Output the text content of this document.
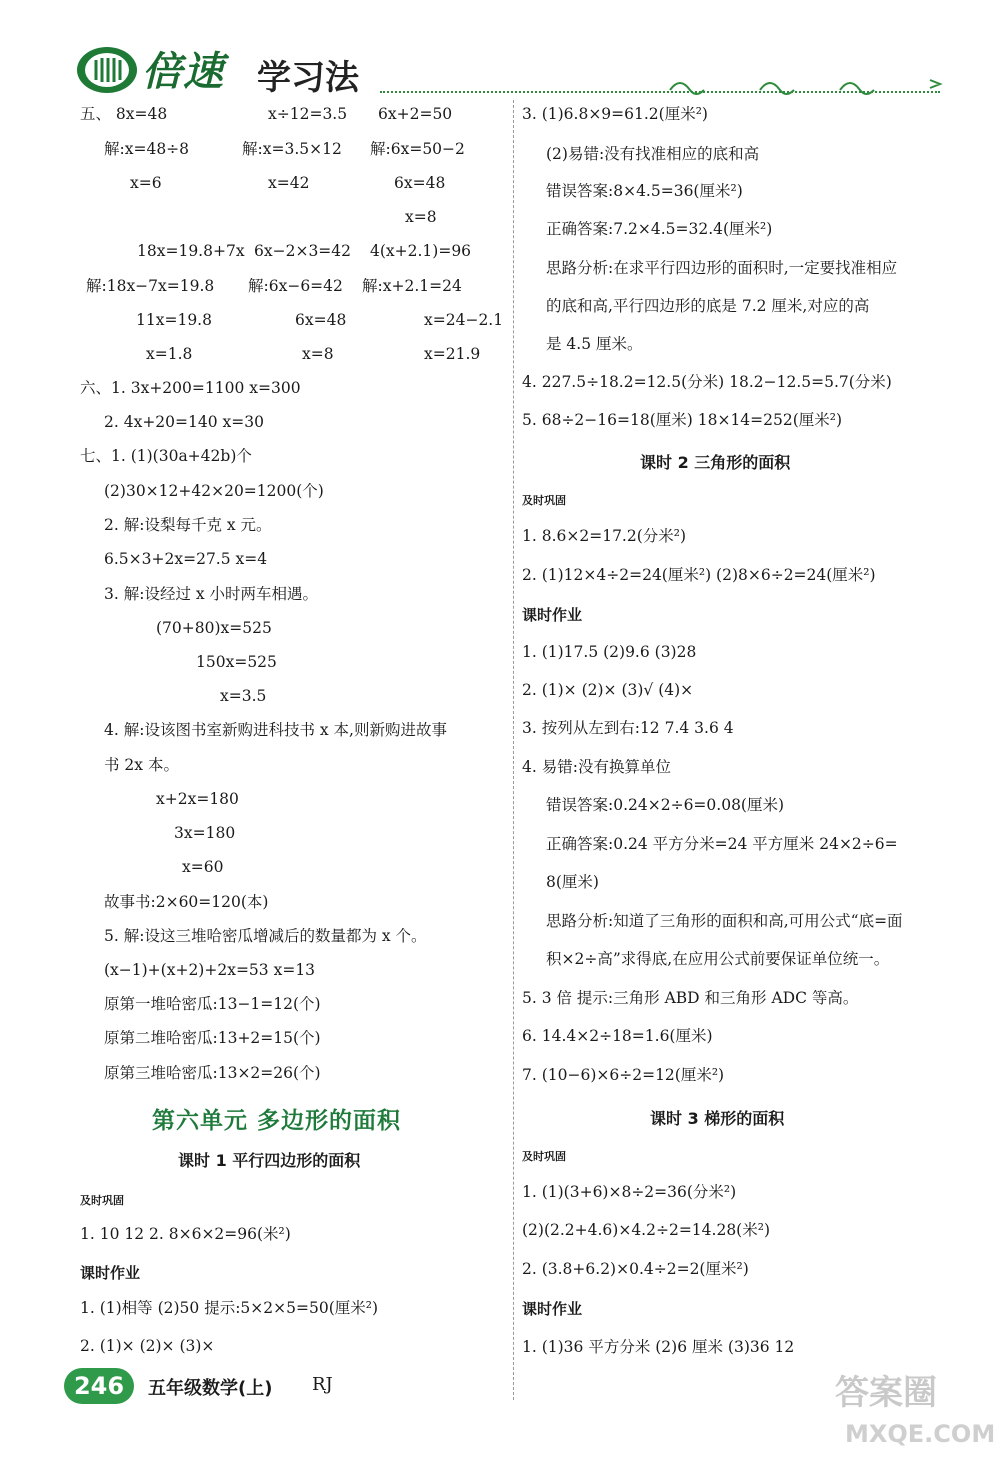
倍速 学习法
五、 8x=48	x÷12=3.5 6x+2=50
解:x=48÷8	解:x=3.5×12 解:6x=50−2
x=6	x=42	6x=48
x=8
18x=19.8+7x 6x−2×3=42 4(x+2.1)=96
解:18x−7x=19.8 解:6x−6=42 解:x+2.1=24
11x=19.8	6x=48	x=24−2.1
x=1.8	x=8	x=21.9
六、1. 3x+200=1100 x=300
2. 4x+20=140 x=30
七、1. (1)(30a+42b)个
(2)30×12+42×20=1200(个)
2. 解:设梨每千克 x 元。
6.5×3+2x=27.5 x=4
3. 解:设经过 x 小时两车相遇。
(70+80)x=525
150x=525
x=3.5
4. 解:设该图书室新购进科技书 x 本,则新购进故事
书 2x 本。
x+2x=180
3x=180
x=60
故事书:2×60=120(本)
5. 解:设这三堆哈密瓜增减后的数量都为 x 个。
(x−1)+(x+2)+2x=53 x=13
原第一堆哈密瓜:13−1=12(个)
原第二堆哈密瓜:13+2=15(个)
原第三堆哈密瓜:13×2=26(个)
第六单元 多边形的面积
课时 1 平行四边形的面积
及时巩固
1. 10 12 2. 8×6×2=96(米²)
课时作业
1. (1)相等 (2)50 提示:5×2×5=50(厘米²)
2. (1)× (2)× (3)×
3. (1)6.8×9=61.2(厘米²)
(2)易错:没有找准相应的底和高
错误答案:8×4.5=36(厘米²)
正确答案:7.2×4.5=32.4(厘米²)
思路分析:在求平行四边形的面积时,一定要找准相应
的底和高,平行四边形的底是 7.2 厘米,对应的高
是 4.5 厘米。
4. 227.5÷18.2=12.5(分米) 18.2−12.5=5.7(分米)
5. 68÷2−16=18(厘米) 18×14=252(厘米²)
课时 2 三角形的面积
及时巩固
1. 8.6×2=17.2(分米²)
2. (1)12×4÷2=24(厘米²) (2)8×6÷2=24(厘米²)
课时作业
1. (1)17.5 (2)9.6 (3)28
2. (1)× (2)× (3)√ (4)×
3. 按列从左到右:12 7.4 3.6 4
4. 易错:没有换算单位
错误答案:0.24×2÷6=0.08(厘米)
正确答案:0.24 平方分米=24 平方厘米 24×2÷6=
8(厘米)
思路分析:知道了三角形的面积和高,可用公式“底=面
积×2÷高”求得底,在应用公式前要保证单位统一。
5. 3 倍 提示:三角形 ABD 和三角形 ADC 等高。
6. 14.4×2÷18=1.6(厘米)
7. (10−6)×6÷2=12(厘米²)
课时 3 梯形的面积
及时巩固
1. (1)(3+6)×8÷2=36(分米²)
(2)(2.2+4.6)×4.2÷2=14.28(米²)
2. (3.8+6.2)×0.4÷2=2(厘米²)
课时作业
1. (1)36 平方分米 (2)6 厘米 (3)36 12
246	五年级数学(上) RJ	答案圈
MXQE.COM
